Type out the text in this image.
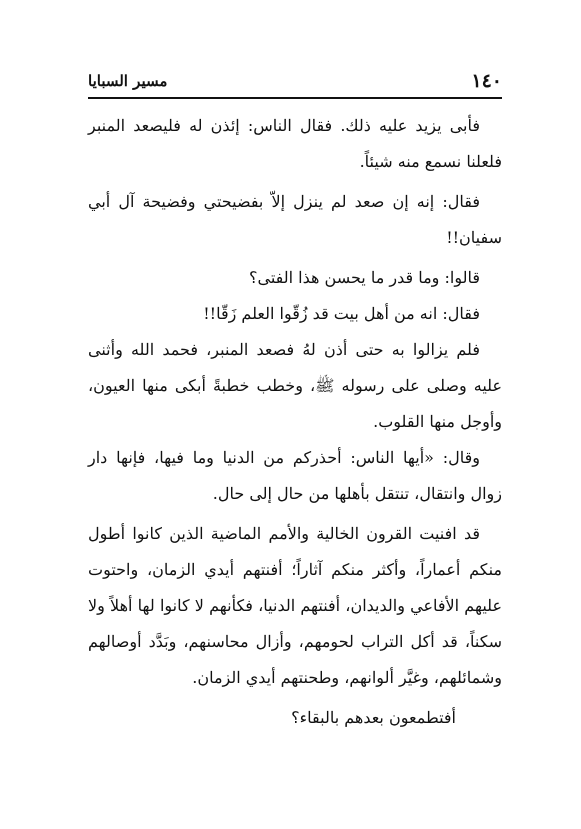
١٤٠
مسير السبايا

فأبى يزيد عليه ذلك. فقال الناس: إئذن له فليصعد المنبر فلعلنا نسمع منه شيئاً.

فقال: إنه إن صعد لم ينزل إلاّ بفضيحتي وفضيحة آل أبي سفيان!!

قالوا: وما قدر ما يحسن هذا الفتى؟

فقال: انه من أهل بيت قد زُقّوا العلم زَقّا!!

فلم يزالوا به حتى أذن لهُ فصعد المنبر، فحمد الله وأثنى عليه وصلى على رسوله ﷺ، وخطب خطبةً أبكى منها العيون، وأوجل منها القلوب.

وقال: «أيها الناس: أحذركم من الدنيا وما فيها، فإنها دار زوال وانتقال، تنتقل بأهلها من حال إلى حال.

قد افنيت القرون الخالية والأمم الماضية الذين كانوا أطول منكم أعماراً، وأكثر منكم آثاراً؛ أفنتهم أيدي الزمان، واحتوت عليهم الأفاعي والديدان، أفنتهم الدنيا، فكأنهم لا كانوا لها أهلاً ولا سكناً، قد أكل التراب لحومهم، وأزال محاسنهم، وبَدَّد أوصالهم وشمائلهم، وغيَّر ألوانهم، وطحنتهم أيدي الزمان.

أفتطمعون بعدهم بالبقاء؟
